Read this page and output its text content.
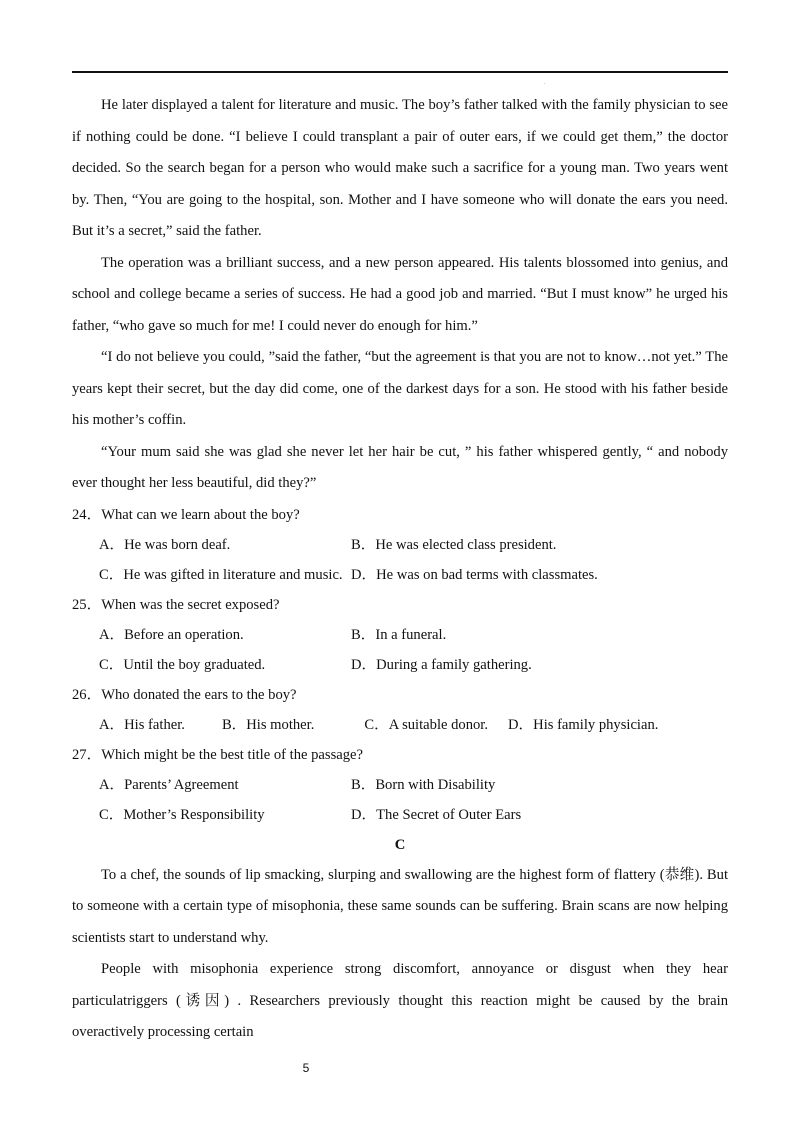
.

He later displayed a talent for literature and music. The boy’s father talked with the family physician to see if nothing could be done. “I believe I could transplant a pair of outer ears, if we could get them,” the doctor decided. So the search began for a person who would make such a sacrifice for a young man. Two years went by. Then, “You are going to the hospital, son. Mother and I have someone who will donate the ears you need. But it’s a secret,” said the father.

The operation was a brilliant success, and a new person appeared. His talents blossomed into genius, and school and college became a series of success. He had a good job and married. “But I must know” he urged his father, “who gave so much for me! I could never do enough for him.”

“I do not believe you could, ”said the father, “but the agreement is that you are not to know…not yet.” The years kept their secret, but the day did come, one of the darkest days for a son. He stood with his father beside his mother’s coffin.

“Your mum said she was glad she never let her hair be cut, ” his father whispered gently, “ and nobody ever thought her less beautiful, did they?”

24．What can we learn about the boy?

A．He was born deaf.	B．He was elected class president.
C．He was gifted in literature and music. D．He was on bad terms with classmates.

25．When was the secret exposed?

A．Before an operation.	B．In a funeral.
C．Until the boy graduated.	D．During a family gathering.

26．Who donated the ears to the boy?

A．His father.	B．His mother.	C．A suitable donor.	D．His family physician.

27．Which might be the best title of the passage?

A．Parents’ Agreement	B．Born with Disability
C．Mother’s Responsibility	D．The Secret of Outer Ears

C

To a chef, the sounds of lip smacking, slurping and swallowing are the highest form of flattery (恭维). But to someone with a certain type of misophonia, these same sounds can be suffering. Brain scans are now helping scientists start to understand why.

People with misophonia experience strong discomfort, annoyance or disgust when they hear particulatriggers (诱因) . Researchers previously thought this reaction might be caused by the brain overactively processing certain

5
